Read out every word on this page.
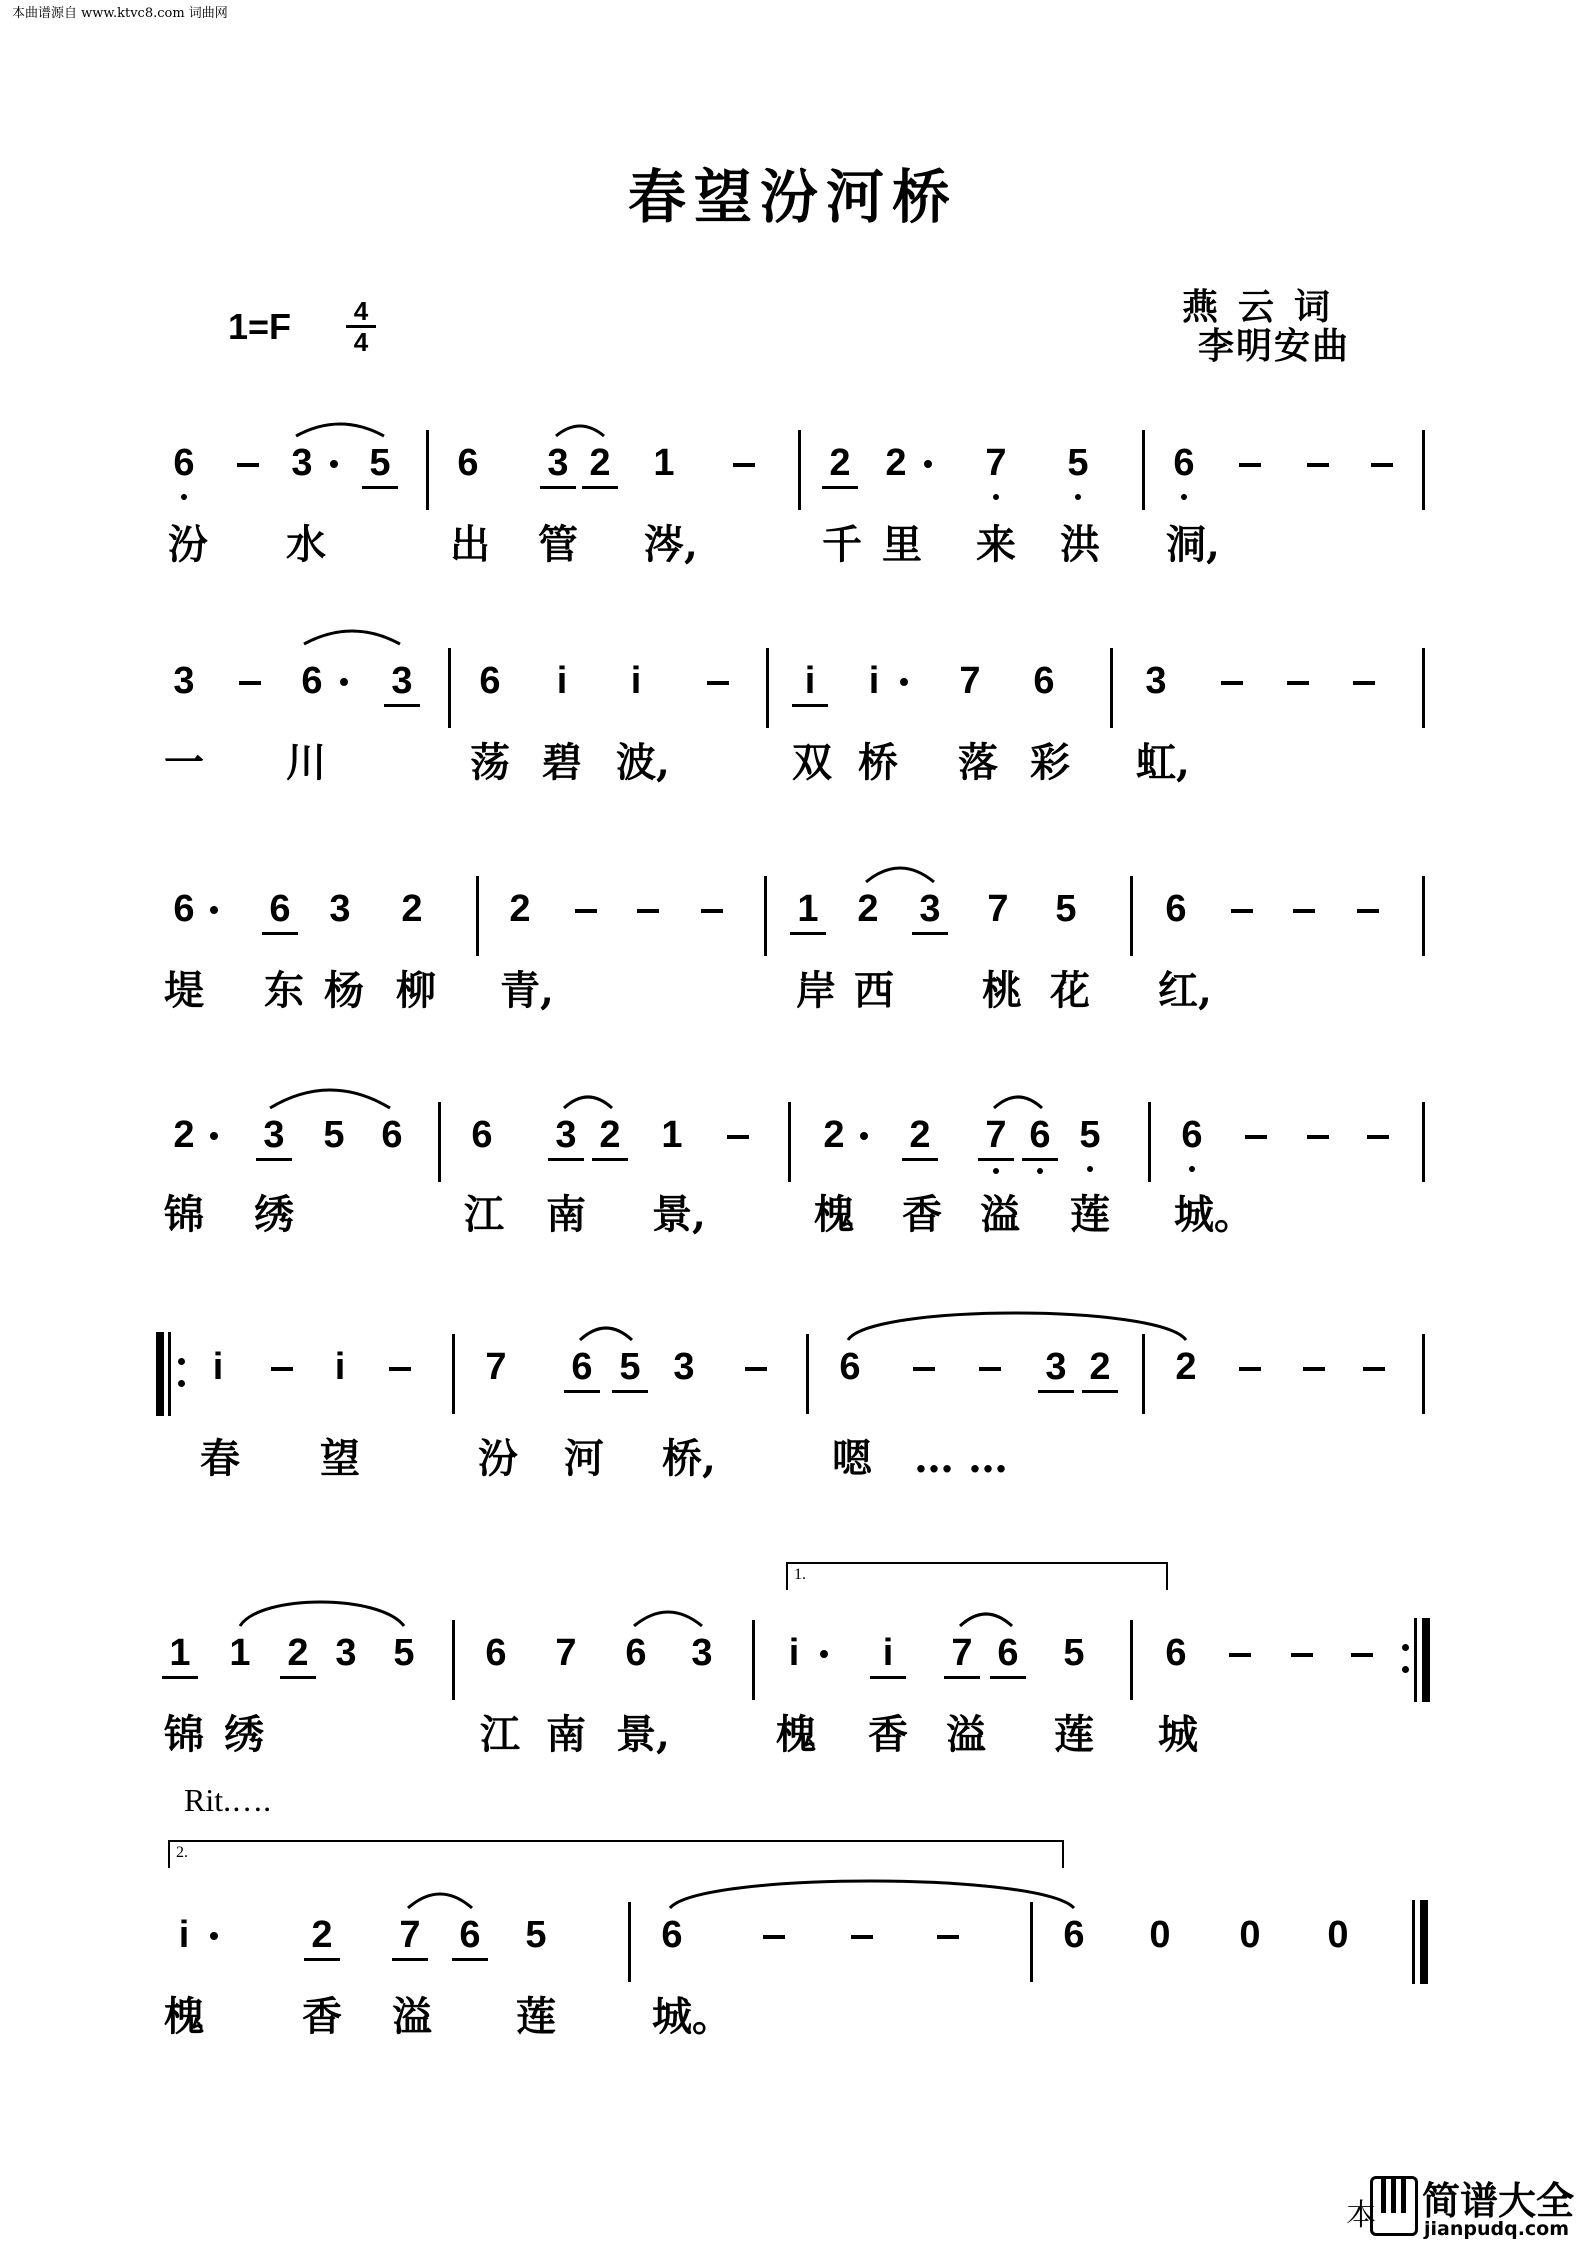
本曲谱源自 www.ktvc8.com 词曲网
春望汾河桥
$1=F \frac{4}{4}$	燕云词
李明安曲
6	3 5 6 3 2 1	2 2 7 5 6
汾 水	出 管 涔,	千 里 来 洪 洞,
3	6 3 6	i	i	i	i	7 6 3
一 川	荡 碧 波,	双 桥 落 彩 虹,
6 6 3 2 2	1 2 3 7 5 6
堤 东 杨 柳 青,	岸 西 桃 花 红,
2 3 5 6 6 3 2 1	2 2 7 6 5 6
锦 绣	江 南 景,	槐 香 溢 莲 城。
i	i	7 6 5 3	6	3 2 2
春 望	汾 河 桥,	嗯 … …
1.
1 1 2 3 5 6 7 6 3	i	i	7 6 5 6
锦 绣	江 南 景,	槐 香 溢 莲 城
Rit.….
2.
i	2 7 6 5	6	6 0 0 0
槐 香 溢 莲 城。
本 简谱大全
jianpudq.com
